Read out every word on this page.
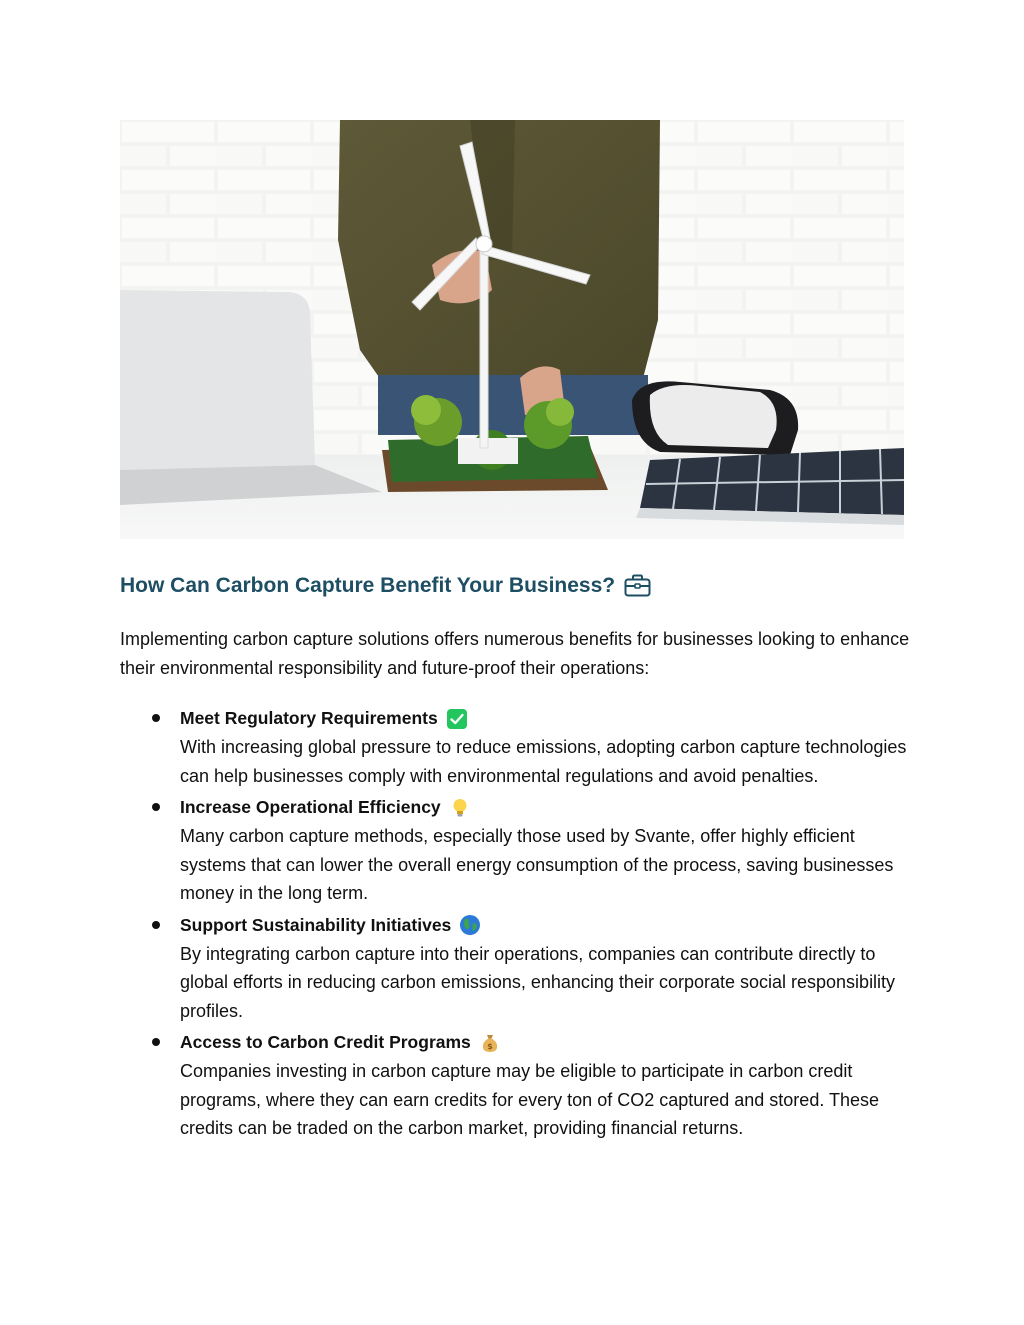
How Can Carbon Capture Benefit Your Business?

Implementing carbon capture solutions offers numerous benefits for businesses looking to enhance their environmental responsibility and future-proof their operations:

Meet Regulatory Requirements
With increasing global pressure to reduce emissions, adopting carbon capture technologies can help businesses comply with environmental regulations and avoid penalties.
Increase Operational Efficiency
Many carbon capture methods, especially those used by Svante, offer highly efficient systems that can lower the overall energy consumption of the process, saving businesses money in the long term.
Support Sustainability Initiatives
By integrating carbon capture into their operations, companies can contribute directly to global efforts in reducing carbon emissions, enhancing their corporate social responsibility profiles.
Access to Carbon Credit Programs $
Companies investing in carbon capture may be eligible to participate in carbon credit programs, where they can earn credits for every ton of CO2 captured and stored. These credits can be traded on the carbon market, providing financial returns.
